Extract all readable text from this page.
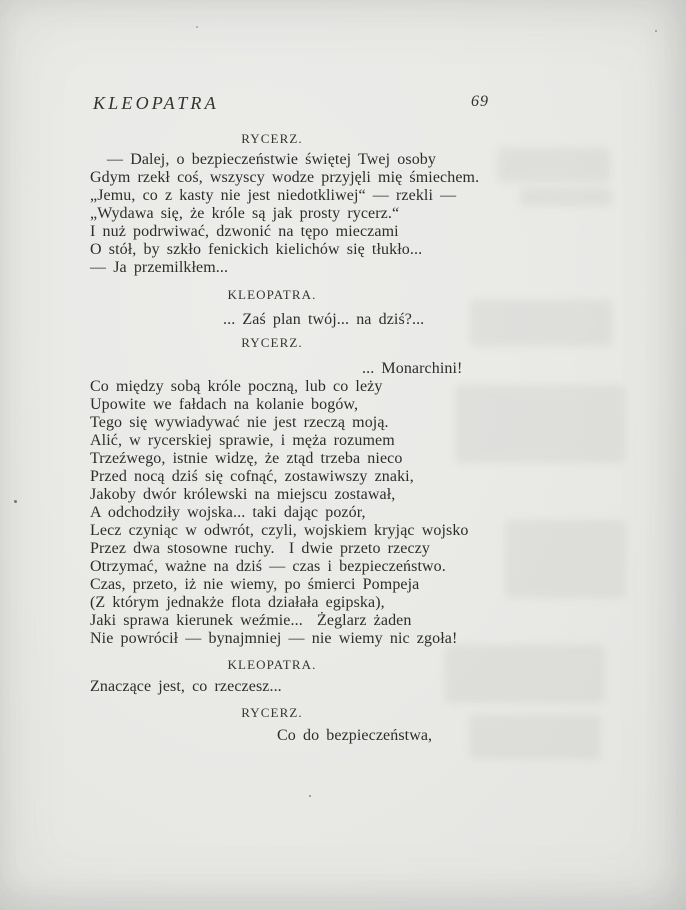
KLEOPATRA	69
RYCERZ.
— Dalej, o bezpieczeństwie świętej Twej osoby
Gdym rzekł coś, wszyscy wodze przyjęli mię śmiechem.
„Jemu, co z kasty nie jest niedotkliwej“ — rzekli —
„Wydawa się, że króle są jak prosty rycerz.“
I nuż podrwiwać, dzwonić na tępo mieczami
O stół, by szkło fenickich kielichów się tłukło...
— Ja przemilkłem...
KLEOPATRA.
... Zaś plan twój... na dziś?...
RYCERZ.
... Monarchini!
Co między sobą króle poczną, lub co leży
Upowite we fałdach na kolanie bogów,
Tego się wywiadywać nie jest rzeczą moją.
Alić, w rycerskiej sprawie, i męża rozumem
Trzeźwego, istnie widzę, że ztąd trzeba nieco
Przed nocą dziś się cofnąć, zostawiwszy znaki,
Jakoby dwór królewski na miejscu zostawał,
A odchodziły wojska... taki dając pozór,
Lecz czyniąc w odwrót, czyli, wojskiem kryjąc wojsko
Przez dwa stosowne ruchy.  I dwie przeto rzeczy
Otrzymać, ważne na dziś — czas i bezpieczeństwo.
Czas, przeto, iż nie wiemy, po śmierci Pompeja
(Z którym jednakże flota działała egipska),
Jaki sprawa kierunek weźmie...  Żeglarz żaden
Nie powrócił — bynajmniej — nie wiemy nic zgoła!
KLEOPATRA.
Znaczące jest, co rzeczesz...
RYCERZ.
Co do bezpieczeństwa,
